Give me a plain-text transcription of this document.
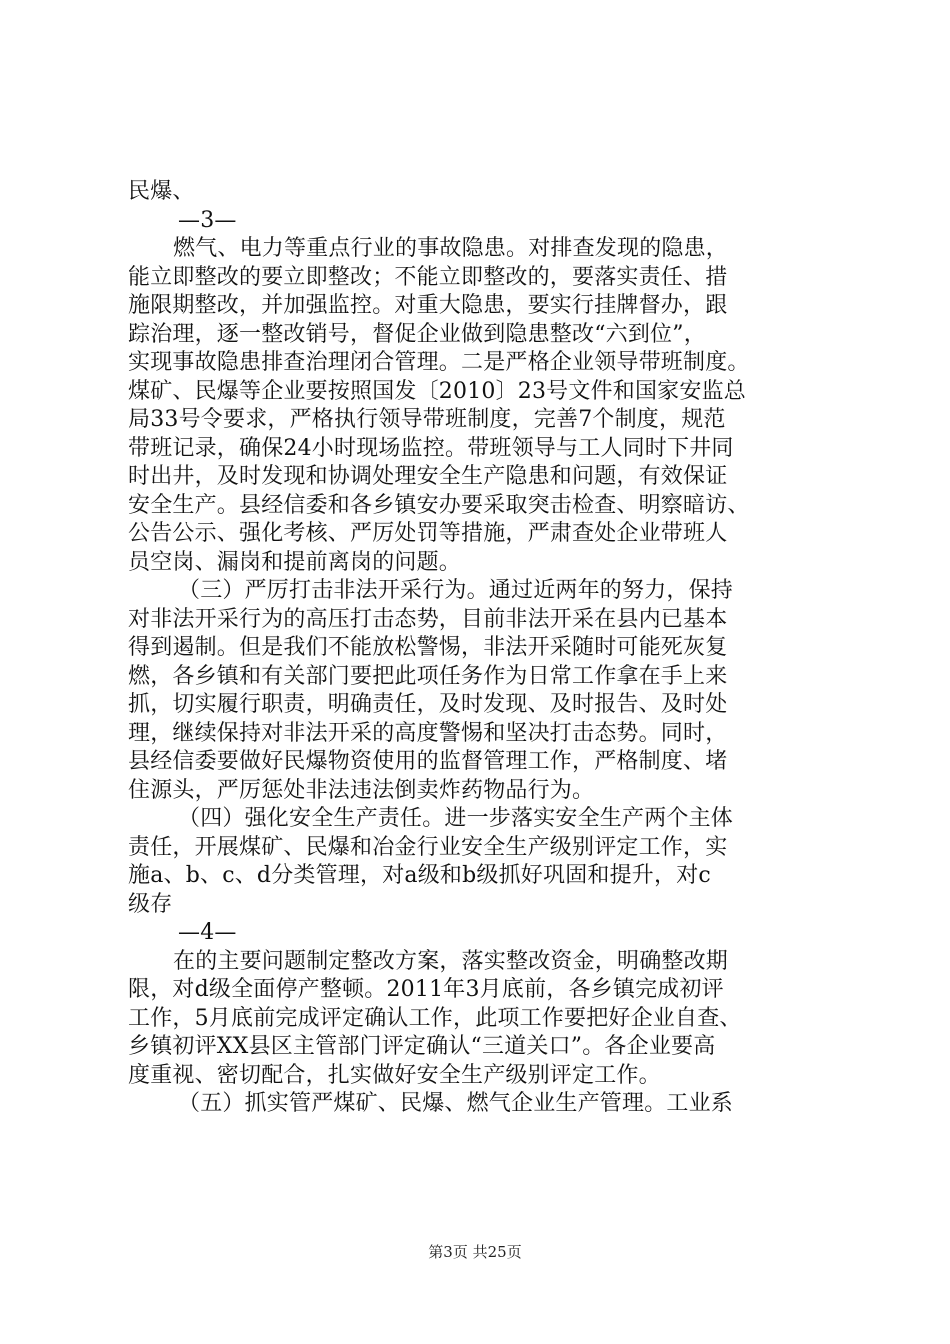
民爆、
—3—
燃气、电力等重点行业的事故隐患。对排查发现的隐患，
能立即整改的要立即整改；不能立即整改的，要落实责任、措
施限期整改，并加强监控。对重大隐患，要实行挂牌督办，跟
踪治理，逐一整改销号，督促企业做到隐患整改“六到位”，
实现事故隐患排查治理闭合管理。二是严格企业领导带班制度。
煤矿、民爆等企业要按照国发〔2010〕23号文件和国家安监总
局33号令要求，严格执行领导带班制度，完善7个制度，规范
带班记录，确保24小时现场监控。带班领导与工人同时下井同
时出井，及时发现和协调处理安全生产隐患和问题，有效保证
安全生产。县经信委和各乡镇安办要采取突击检查、明察暗访、
公告公示、强化考核、严厉处罚等措施，严肃查处企业带班人
员空岗、漏岗和提前离岗的问题。
（三）严厉打击非法开采行为。通过近两年的努力，保持
对非法开采行为的高压打击态势，目前非法开采在县内已基本
得到遏制。但是我们不能放松警惕，非法开采随时可能死灰复
燃，各乡镇和有关部门要把此项任务作为日常工作拿在手上来
抓，切实履行职责，明确责任，及时发现、及时报告、及时处
理，继续保持对非法开采的高度警惕和坚决打击态势。同时，
县经信委要做好民爆物资使用的监督管理工作，严格制度、堵
住源头，严厉惩处非法违法倒卖炸药物品行为。
（四）强化安全生产责任。进一步落实安全生产两个主体
责任，开展煤矿、民爆和冶金行业安全生产级别评定工作，实
施a、b、c、d分类管理，对a级和b级抓好巩固和提升，对c
级存
—4—
在的主要问题制定整改方案，落实整改资金，明确整改期
限，对d级全面停产整顿。2011年3月底前，各乡镇完成初评
工作，5月底前完成评定确认工作，此项工作要把好企业自查、
乡镇初评XX县区主管部门评定确认“三道关口”。各企业要高
度重视、密切配合，扎实做好安全生产级别评定工作。
（五）抓实管严煤矿、民爆、燃气企业生产管理。工业系
第3页 共25页
